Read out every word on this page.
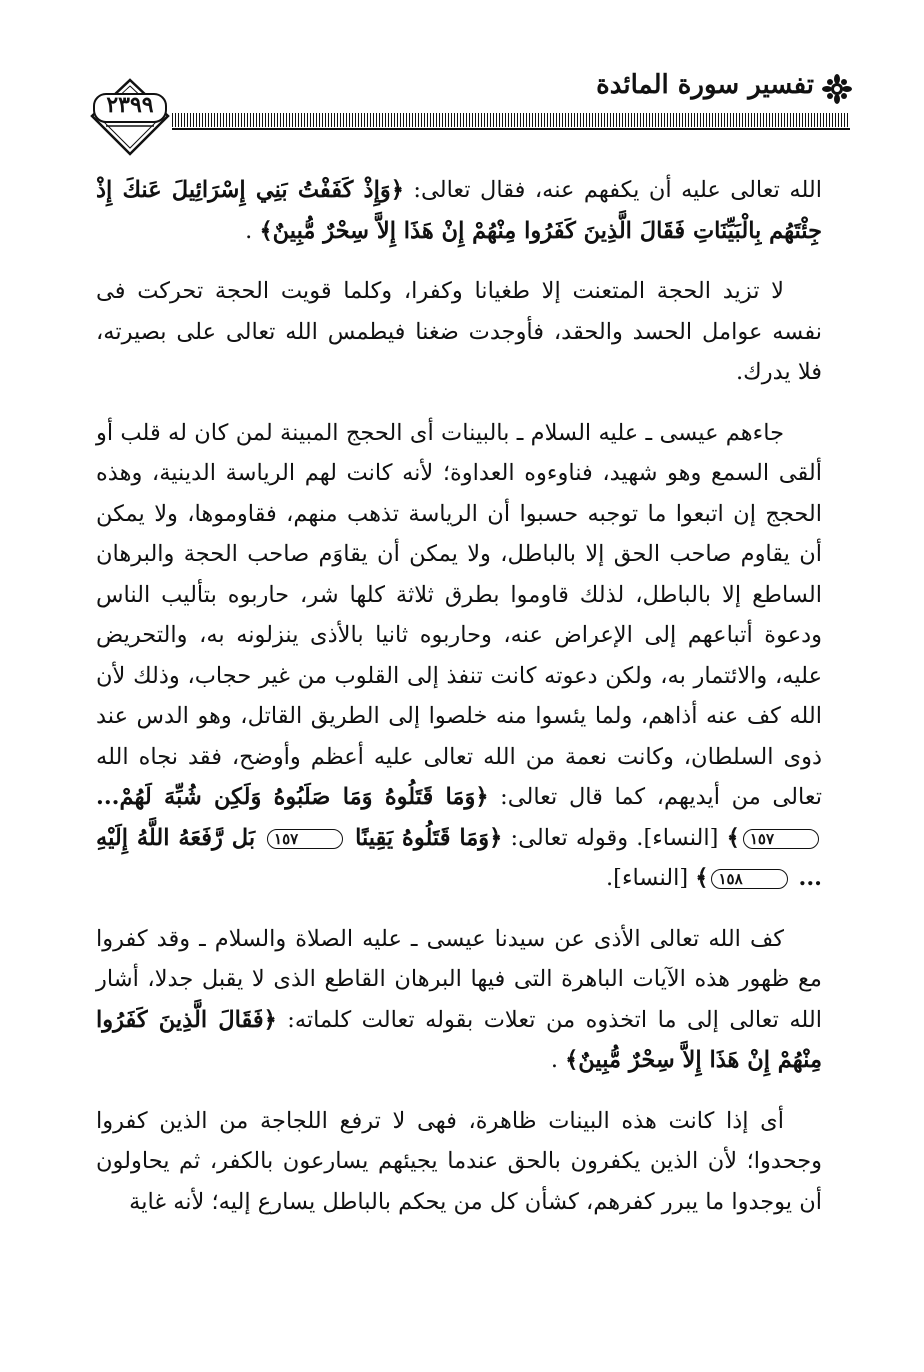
تفسير سورة المائدة
٢٣٩٩

الله تعالى عليه أن يكفهم عنه، فقال تعالى: ﴿وَإِذْ كَفَفْتُ بَنِي إِسْرَائِيلَ عَنكَ إِذْ جِئْتَهُم بِالْبَيِّنَاتِ فَقَالَ الَّذِينَ كَفَرُوا مِنْهُمْ إِنْ هَذَا إِلاَّ سِحْرٌ مُّبِينٌ﴾ .

لا تزيد الحجة المتعنت إلا طغيانا وكفرا، وكلما قويت الحجة تحركت فى نفسه عوامل الحسد والحقد، فأوجدت ضغنا فيطمس الله تعالى على بصيرته، فلا يدرك.

جاءهم عيسى ـ عليه السلام ـ بالبينات أى الحجج المبينة لمن كان له قلب أو ألقى السمع وهو شهيد، فناوءوه العداوة؛ لأنه كانت لهم الرياسة الدينية، وهذه الحجج إن اتبعوا ما توجبه حسبوا أن الرياسة تذهب منهم، فقاوموها، ولا يمكن أن يقاوم صاحب الحق إلا بالباطل، ولا يمكن أن يقاوَم صاحب الحجة والبرهان الساطع إلا بالباطل، لذلك قاوموا بطرق ثلاثة كلها شر، حاربوه بتأليب الناس ودعوة أتباعهم إلى الإعراض عنه، وحاربوه ثانيا بالأذى ينزلونه به، والتحريض عليه، والائتمار به، ولكن دعوته كانت تنفذ إلى القلوب من غير حجاب، وذلك لأن الله كف عنه أذاهم، ولما يئسوا منه خلصوا إلى الطريق القاتل، وهو الدس عند ذوى السلطان، وكانت نعمة من الله تعالى عليه أعظم وأوضح، فقد نجاه الله تعالى من أيديهم، كما قال تعالى: ﴿وَمَا قَتَلُوهُ وَمَا صَلَبُوهُ وَلَكِن شُبِّهَ لَهُمْ... ١٥٧﴾ [النساء]. وقوله تعالى: ﴿وَمَا قَتَلُوهُ يَقِينًا ١٥٧ بَل رَّفَعَهُ اللَّهُ إِلَيْهِ ... ١٥٨﴾ [النساء].

كف الله تعالى الأذى عن سيدنا عيسى ـ عليه الصلاة والسلام ـ وقد كفروا مع ظهور هذه الآيات الباهرة التى فيها البرهان القاطع الذى لا يقبل جدلا، أشار الله تعالى إلى ما اتخذوه من تعلات بقوله تعالت كلماته: ﴿فَقَالَ الَّذِينَ كَفَرُوا مِنْهُمْ إِنْ هَذَا إِلاَّ سِحْرٌ مُّبِينٌ﴾ .

أى إذا كانت هذه البينات ظاهرة، فهى لا ترفع اللجاجة من الذين كفروا وجحدوا؛ لأن الذين يكفرون بالحق عندما يجيئهم يسارعون بالكفر، ثم يحاولون أن يوجدوا ما يبرر كفرهم، كشأن كل من يحكم بالباطل يسارع إليه؛ لأنه غاية
